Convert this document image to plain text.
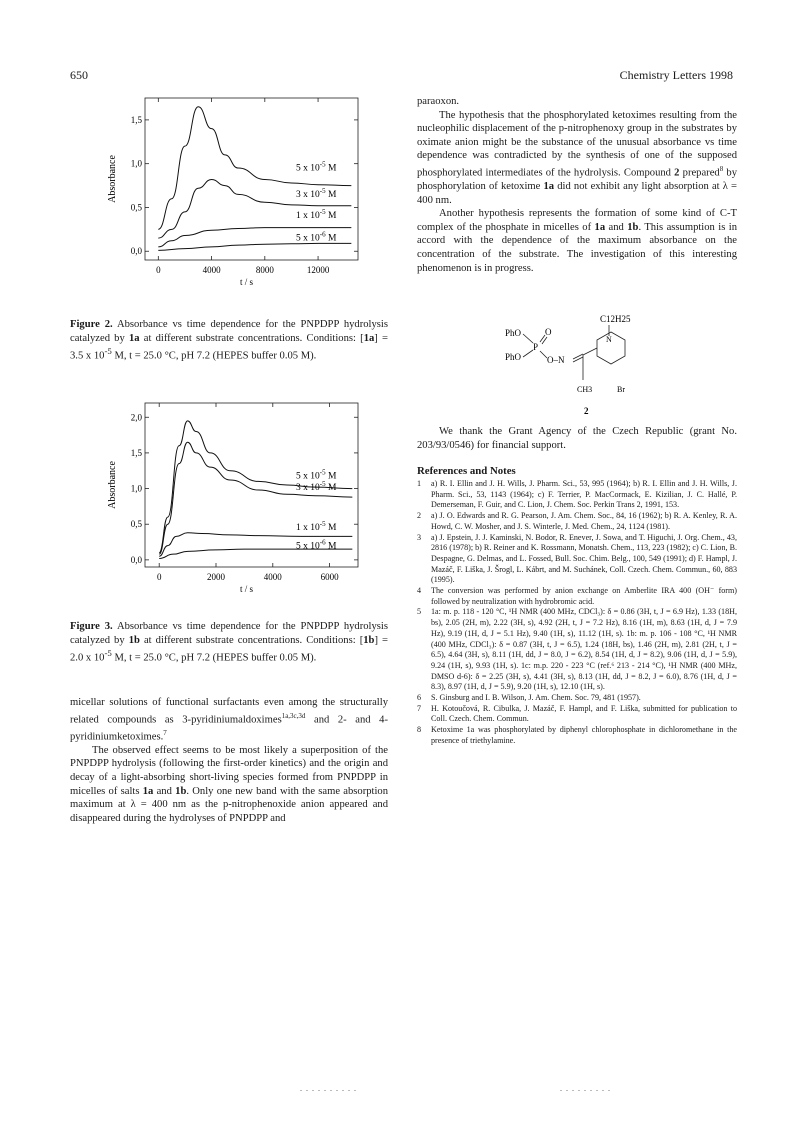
650	Chemistry Letters 1998
0	4000	8000	12000
0,0
0,5
1,0
1,5
Absorbance
t / s
5 x $10^{-5}$ M
3 x $10^{-5}$ M
1 x $10^{-5}$ M
5 x $10^{-6}$ M
Figure 2. Absorbance vs time dependence for the PNPDPP hydrolysis catalyzed by 1a at different substrate concentrations. Conditions: [1a] = 3.5 x $10^{-5}$ M, t = 25.0 °C, pH 7.2 (HEPES buffer 0.05 M).
0	2000	4000	6000
0,0
0,5
1,0
1,5
2,0
Absorbance
t / s
5 x $10^{-5}$ M
3 x $10^{-5}$ M
1 x $10^{-5}$ M
5 x $10^{-6}$ M
Figure 3. Absorbance vs time dependence for the PNPDPP hydrolysis catalyzed by 1b at different substrate concentrations. Conditions: [1b] = 2.0 x $10^{-5}$ M, t = 25.0 °C, pH 7.2 (HEPES buffer 0.05 M).

micellar solutions of functional surfactants even among the structurally related compounds as 3-pyridiniumaldoximes$^{1a,3c,3d}$ and 2- and 4-pyridiniumketoximes.$^7$

The observed effect seems to be most likely a superposition of the PNPDPP hydrolysis (following the first-order kinetics) and the origin and decay of a light-absorbing short-living species formed from PNPDPP in micelles of salts 1a and 1b. Only one new band with the same absorption maximum at λ = 400 nm as the p-nitrophenoxide anion appeared and disappeared during the hydrolyses of PNPDPP and

paraoxon.

The hypothesis that the phosphorylated ketoximes resulting from the nucleophilic displacement of the p-nitrophenoxy group in the substrates by oximate anion might be the substance of the unusual absorbance vs time dependence was contradicted by the synthesis of one of the supposed phosphorylated intermediates of the hydrolysis. Compound 2 prepared$^8$ by phosphorylation of ketoxime 1a did not exhibit any light absorption at λ = 400 nm.

Another hypothesis represents the formation of some kind of C-T complex of the phosphate in micelles of 1a and 1b. This assumption is in accord with the dependence of the maximum absorbance on the concentration of the substrate. The investigation of this interesting phenomenon is in progress.

C12H25
PhO
PhO
P
O
O–N
CH3
N
Br
2

We thank the Grant Agency of the Czech Republic (grant No. 203/93/0546) for financial support.

References and Notes
1	a) R. I. Ellin and J. H. Wills, J. Pharm. Sci., 53, 995 (1964); b) R. I. Ellin and J. H. Wills, J. Pharm. Sci., 53, 1143 (1964); c) F. Terrier, P. MacCormack, E. Kizilian, J. C. Hallé, P. Demerseman, F. Guir, and C. Lion, J. Chem. Soc. Perkin Trans 2, 1991, 153.
2	a) J. O. Edwards and R. G. Pearson, J. Am. Chem. Soc., 84, 16 (1962); b) R. A. Kenley, R. A. Howd, C. W. Mosher, and J. S. Winterle, J. Med. Chem., 24, 1124 (1981).
3	a) J. Epstein, J. J. Kaminski, N. Bodor, R. Enever, J. Sowa, and T. Higuchi, J. Org. Chem., 43, 2816 (1978); b) R. Reiner and K. Rossmann, Monatsh. Chem., 113, 223 (1982); c) C. Lion, B. Despagne, G. Delmas, and L. Fossed, Bull. Soc. Chim. Belg., 100, 549 (1991); d) F. Hampl, J. Mazáč, F. Liška, J. Šrogl, L. Kábrt, and M. Suchánek, Coll. Czech. Chem. Commun., 60, 883 (1995).
4	The conversion was performed by anion exchange on Amberlite IRA 400 (OH⁻ form) followed by neutralization with hydrobromic acid.
5	1a: m. p. 118 - 120 °C, ¹H NMR (400 MHz, CDCl₃): δ = 0.86 (3H, t, J = 6.9 Hz), 1.33 (18H, bs), 2.05 (2H, m), 2.22 (3H, s), 4.92 (2H, t, J = 7.2 Hz), 8.16 (1H, m), 8.63 (1H, d, J = 7.9 Hz), 9.19 (1H, d, J = 5.1 Hz), 9.40 (1H, s), 11.12 (1H, s). 1b: m. p. 106 - 108 °C, ¹H NMR (400 MHz, CDCl₃): δ = 0.87 (3H, t, J = 6.5), 1.24 (18H, bs), 1.46 (2H, m), 2.81 (2H, t, J = 6.5), 4.64 (3H, s), 8.11 (1H, dd, J = 8.0, J = 6.2), 8.54 (1H, d, J = 8.2), 9.06 (1H, d, J = 5.9), 9.24 (1H, s), 9.93 (1H, s). 1c: m.p. 220 - 223 °C (ref.⁶ 213 - 214 °C), ¹H NMR (400 MHz, DMSO d-6): δ = 2.25 (3H, s), 4.41 (3H, s), 8.13 (1H, dd, J = 8.2, J = 6.0), 8.76 (1H, d, J = 8.3), 8.97 (1H, d, J = 5.9), 9.20 (1H, s), 12.10 (1H, s).
6	S. Ginsburg and I. B. Wilson, J. Am. Chem. Soc. 79, 481 (1957).
7	H. Kotoučová, R. Cibulka, J. Mazáč, F. Hampl, and F. Liška, submitted for publication to Coll. Czech. Chem. Commun.
8	Ketoxime 1a was phosphorylated by diphenyl chlorophosphate in dichloromethane in the presence of triethylamine.
